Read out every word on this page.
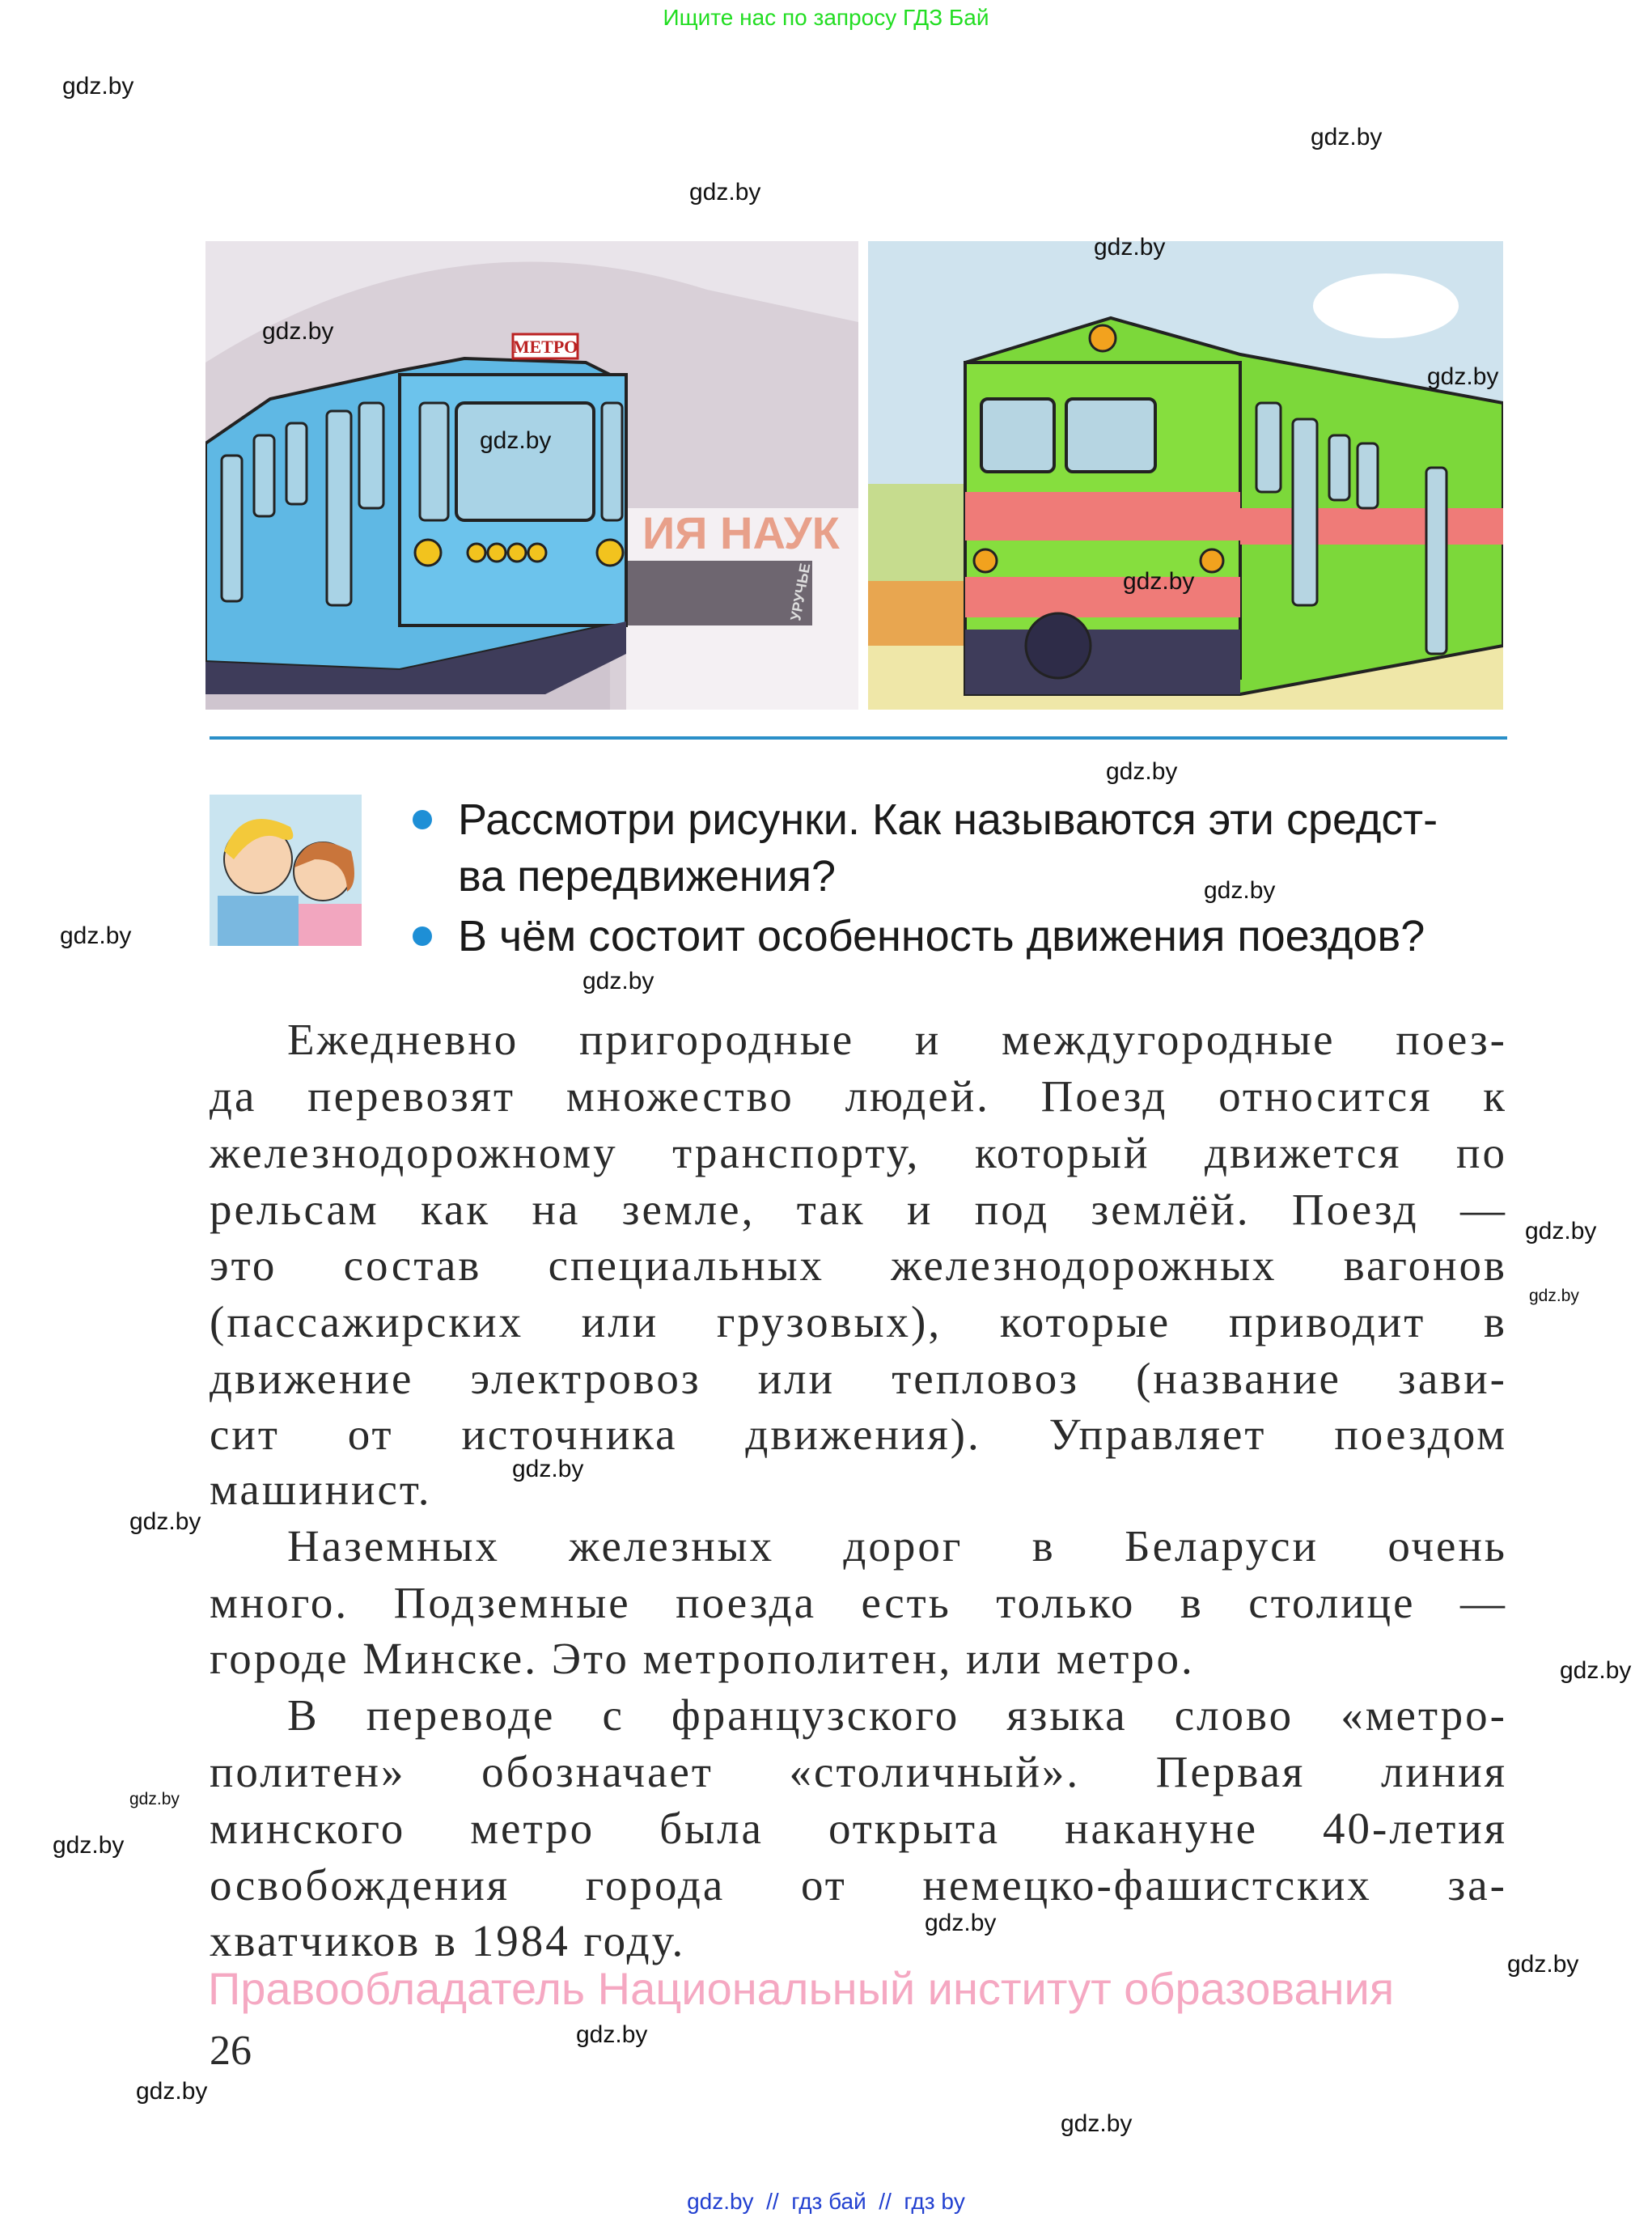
Ищите нас по запросу ГДЗ Бай
ИЯ НАУК
УРУЧЬЕ
МЕТРО
Рассмотри рисунки. Как называются эти средст-
ва передвижения?
В чём состоит особенность движения поездов?
Ежедневно пригородные и междугородные поез-
да перевозят множество людей. Поезд относится к
железнодорожному транспорту, который движется по
рельсам как на земле, так и под землёй. Поезд —
это состав специальных железнодорожных вагонов
(пассажирских или грузовых), которые приводит в
движение электровоз или тепловоз (название зави-
сит от источника движения). Управляет поездом
машинист.
Наземных железных дорог в Беларуси очень
много. Подземные поезда есть только в столице —
городе Минске. Это метрополитен, или метро.
В переводе с французского языка слово «метро-
политен» обозначает «столичный». Первая линия
минского метро была открыта накануне 40-летия
освобождения города от немецко-фашистских за-
хватчиков в 1984 году.
Правообладатель Национальный институт образования
26
gdz.by
gdz.by
gdz.by
gdz.by
gdz.by
gdz.by
gdz.by
gdz.by
gdz.by
gdz.by
gdz.by
gdz.by
gdz.by
gdz.by
gdz.by
gdz.by
gdz.by
gdz.by
gdz.by
gdz.by
gdz.by
gdz.by
gdz.by
gdz.by
gdz.by  //  гдз бай  //  гдз by
